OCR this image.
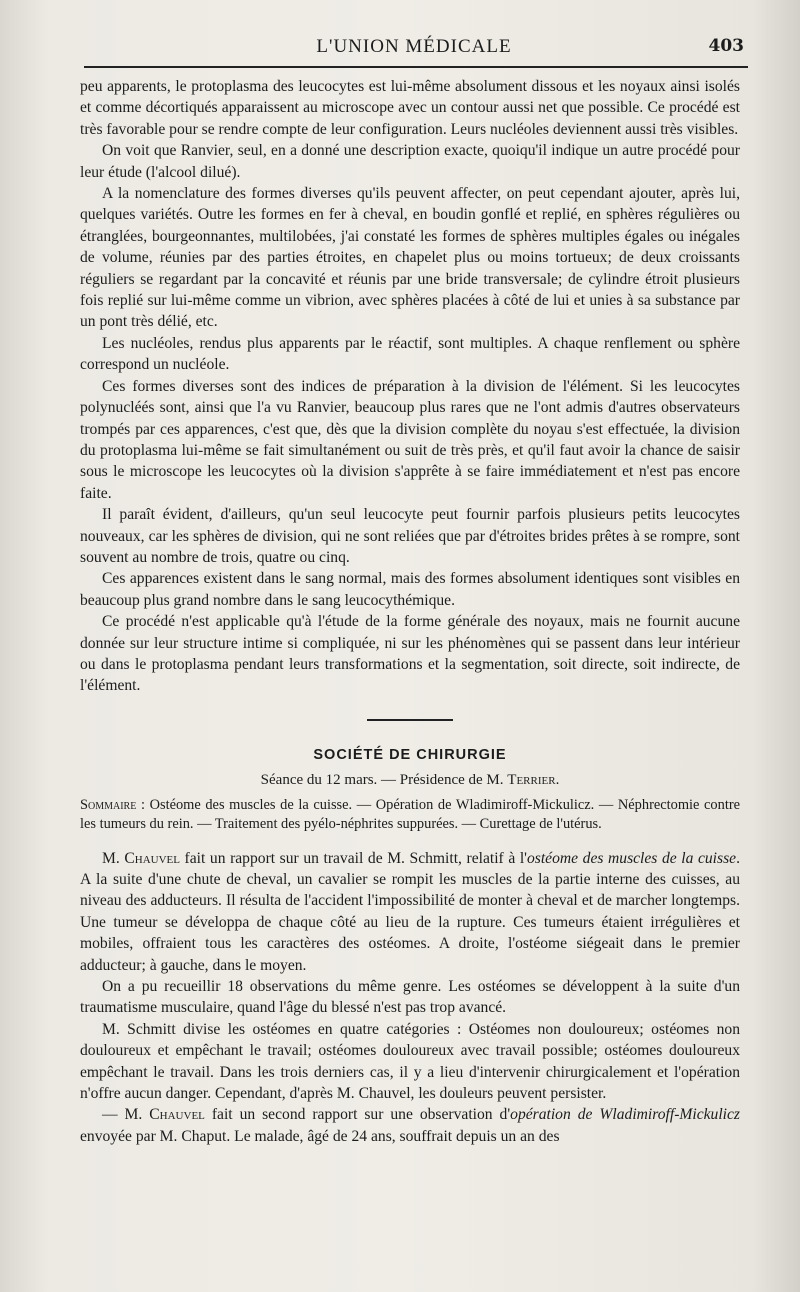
L'UNION MÉDICALE	403

peu apparents, le protoplasma des leucocytes est lui-même absolument dissous et les noyaux ainsi isolés et comme décortiqués apparaissent au microscope avec un contour aussi net que possible. Ce procédé est très favorable pour se rendre compte de leur configuration. Leurs nucléoles deviennent aussi très visibles.

On voit que Ranvier, seul, en a donné une description exacte, quoiqu'il indique un autre procédé pour leur étude (l'alcool dilué).

A la nomenclature des formes diverses qu'ils peuvent affecter, on peut cependant ajouter, après lui, quelques variétés. Outre les formes en fer à cheval, en boudin gonflé et replié, en sphères régulières ou étranglées, bourgeonnantes, multilobées, j'ai constaté les formes de sphères multiples égales ou inégales de volume, réunies par des parties étroites, en chapelet plus ou moins tortueux; de deux croissants réguliers se regardant par la concavité et réunis par une bride transversale; de cylindre étroit plusieurs fois replié sur lui-même comme un vibrion, avec sphères placées à côté de lui et unies à sa substance par un pont très délié, etc.

Les nucléoles, rendus plus apparents par le réactif, sont multiples. A chaque renflement ou sphère correspond un nucléole.

Ces formes diverses sont des indices de préparation à la division de l'élément. Si les leucocytes polynucléés sont, ainsi que l'a vu Ranvier, beaucoup plus rares que ne l'ont admis d'autres observateurs trompés par ces apparences, c'est que, dès que la division complète du noyau s'est effectuée, la division du protoplasma lui-même se fait simultanément ou suit de très près, et qu'il faut avoir la chance de saisir sous le microscope les leucocytes où la division s'apprête à se faire immédiatement et n'est pas encore faite.

Il paraît évident, d'ailleurs, qu'un seul leucocyte peut fournir parfois plusieurs petits leucocytes nouveaux, car les sphères de division, qui ne sont reliées que par d'étroites brides prêtes à se rompre, sont souvent au nombre de trois, quatre ou cinq.

Ces apparences existent dans le sang normal, mais des formes absolument identiques sont visibles en beaucoup plus grand nombre dans le sang leucocythémique.

Ce procédé n'est applicable qu'à l'étude de la forme générale des noyaux, mais ne fournit aucune donnée sur leur structure intime si compliquée, ni sur les phénomènes qui se passent dans leur intérieur ou dans le protoplasma pendant leurs transformations et la segmentation, soit directe, soit indirecte, de l'élément.

SOCIÉTÉ DE CHIRURGIE
Séance du 12 mars. — Présidence de M. Terrier.
Sommaire : Ostéome des muscles de la cuisse. — Opération de Wladimiroff-Mickulicz. — Néphrectomie contre les tumeurs du rein. — Traitement des pyélo-néphrites suppurées. — Curettage de l'utérus.

M. Chauvel fait un rapport sur un travail de M. Schmitt, relatif à l'ostéome des muscles de la cuisse. A la suite d'une chute de cheval, un cavalier se rompit les muscles de la partie interne des cuisses, au niveau des adducteurs. Il résulta de l'accident l'impossibilité de monter à cheval et de marcher longtemps. Une tumeur se développa de chaque côté au lieu de la rupture. Ces tumeurs étaient irrégulières et mobiles, offraient tous les caractères des ostéomes. A droite, l'ostéome siégeait dans le premier adducteur; à gauche, dans le moyen.

On a pu recueillir 18 observations du même genre. Les ostéomes se développent à la suite d'un traumatisme musculaire, quand l'âge du blessé n'est pas trop avancé.

M. Schmitt divise les ostéomes en quatre catégories : Ostéomes non douloureux; ostéomes non douloureux et empêchant le travail; ostéomes douloureux avec travail possible; ostéomes douloureux empêchant le travail. Dans les trois derniers cas, il y a lieu d'intervenir chirurgicalement et l'opération n'offre aucun danger. Cependant, d'après M. Chauvel, les douleurs peuvent persister.

— M. Chauvel fait un second rapport sur une observation d'opération de Wladimiroff-Mickulicz envoyée par M. Chaput. Le malade, âgé de 24 ans, souffrait depuis un an des
